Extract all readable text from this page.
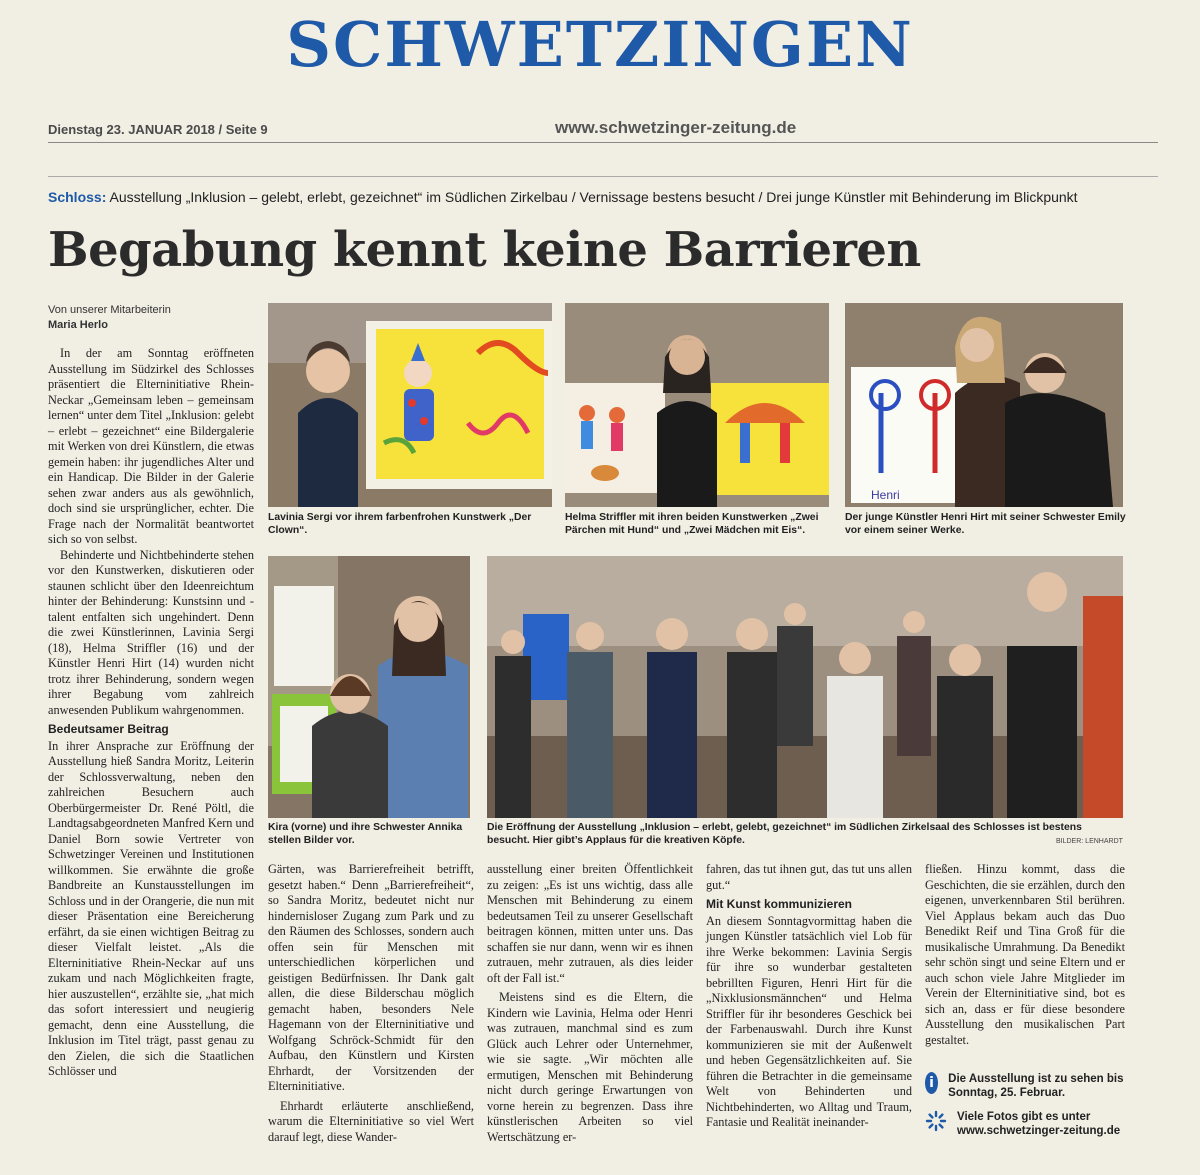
SCHWETZINGEN
Dienstag 23. JANUAR 2018 / Seite 9	www.schwetzinger-zeitung.de
Schloss: Ausstellung „Inklusion – gelebt, erlebt, gezeichnet“ im Südlichen Zirkelbau / Vernissage bestens besucht / Drei junge Künstler mit Behinderung im Blickpunkt
Begabung kennt keine Barrieren
Von unserer Mitarbeiterin
Maria Herlo
Lavinia Sergi vor ihrem farbenfrohen Kunstwerk „Der Clown“.
Helma Striffler mit ihren beiden Kunstwerken „Zwei Pärchen mit Hund“ und „Zwei Mädchen mit Eis“.
Henri
Der junge Künstler Henri Hirt mit seiner Schwester Emily vor einem seiner Werke.
Kira (vorne) und ihre Schwester Annika stellen Bilder vor.
Die Eröffnung der Ausstellung „Inklusion – erlebt, gelebt, gezeichnet“ im Südlichen Zirkelsaal des Schlosses ist bestens besucht. Hier gibt’s Applaus für die kreativen Köpfe.	BILDER: LENHARDT

In der am Sonntag eröffneten Ausstellung im Südzirkel des Schlosses präsentiert die Elterninitiative Rhein-Neckar „Gemeinsam leben – gemeinsam lernen“ unter dem Titel „Inklusion: gelebt – erlebt – gezeichnet“ eine Bildergalerie mit Werken von drei Künstlern, die etwas gemein haben: ihr jugendliches Alter und ein Handicap. Die Bilder in der Galerie sehen zwar anders aus als gewöhnlich, doch sind sie ursprünglicher, echter. Die Frage nach der Normalität beantwortet sich so von selbst.

Behinderte und Nichtbehinderte stehen vor den Kunstwerken, diskutieren oder staunen schlicht über den Ideenreichtum hinter der Behinderung: Kunstsinn und -talent entfalten sich ungehindert. Denn die zwei Künstlerinnen, Lavinia Sergi (18), Helma Striffler (16) und der Künstler Henri Hirt (14) wurden nicht trotz ihrer Behinderung, sondern wegen ihrer Begabung vom zahlreich anwesenden Publikum wahrgenommen.

Bedeutsamer Beitrag

In ihrer Ansprache zur Eröffnung der Ausstellung hieß Sandra Moritz, Leiterin der Schlossverwaltung, neben den zahlreichen Besuchern auch Oberbürgermeister Dr. René Pöltl, die Landtagsabgeordneten Manfred Kern und Daniel Born sowie Vertreter von Schwetzinger Vereinen und Institutionen willkommen. Sie erwähnte die große Bandbreite an Kunstausstellungen im Schloss und in der Orangerie, die nun mit dieser Präsentation eine Bereicherung erfährt, da sie einen wichtigen Beitrag zu dieser Vielfalt leistet. „Als die Elterninitiative Rhein-Neckar auf uns zukam und nach Möglichkeiten fragte, hier auszustellen“, erzählte sie, „hat mich das sofort interessiert und neugierig gemacht, denn eine Ausstellung, die Inklusion im Titel trägt, passt genau zu den Zielen, die sich die Staatlichen Schlösser und

Gärten, was Barrierefreiheit betrifft, gesetzt haben.“ Denn „Barrierefreiheit“, so Sandra Moritz, bedeutet nicht nur hindernisloser Zugang zum Park und zu den Räumen des Schlosses, sondern auch offen sein für Menschen mit unterschiedlichen körperlichen und geistigen Bedürfnissen. Ihr Dank galt allen, die diese Bilderschau möglich gemacht haben, besonders Nele Hagemann von der Elterninitiative und Wolfgang Schröck-Schmidt für den Aufbau, den Künstlern und Kirsten Ehrhardt, der Vorsitzenden der Elterninitiative.

Ehrhardt erläuterte anschließend, warum die Elterninitiative so viel Wert darauf legt, diese Wander-

ausstellung einer breiten Öffentlichkeit zu zeigen: „Es ist uns wichtig, dass alle Menschen mit Behinderung zu einem bedeutsamen Teil zu unserer Gesellschaft beitragen können, mitten unter uns. Das schaffen sie nur dann, wenn wir es ihnen zutrauen, mehr zutrauen, als dies leider oft der Fall ist.“

Meistens sind es die Eltern, die Kindern wie Lavinia, Helma oder Henri was zutrauen, manchmal sind es zum Glück auch Lehrer oder Unternehmer, wie sie sagte. „Wir möchten alle ermutigen, Menschen mit Behinderung nicht durch geringe Erwartungen von vorne herein zu begrenzen. Dass ihre künstlerischen Arbeiten so viel Wertschätzung er-

fahren, das tut ihnen gut, das tut uns allen gut.“

Mit Kunst kommunizieren

An diesem Sonntagvormittag haben die jungen Künstler tatsächlich viel Lob für ihre Werke bekommen: Lavinia Sergis für ihre so wunderbar gestalteten bebrillten Figuren, Henri Hirt für die „Nixklusionsmännchen“ und Helma Striffler für ihr besonderes Geschick bei der Farbenauswahl. Durch ihre Kunst kommunizieren sie mit der Außenwelt und heben Gegensätzlichkeiten auf. Sie führen die Betrachter in die gemeinsame Welt von Behinderten und Nichtbehinderten, wo Alltag und Traum, Fantasie und Realität ineinander-

fließen. Hinzu kommt, dass die Geschichten, die sie erzählen, durch den eigenen, unverkennbaren Stil berühren. Viel Applaus bekam auch das Duo Benedikt Reif und Tina Groß für die musikalische Umrahmung. Da Benedikt sehr schön singt und seine Eltern und er auch schon viele Jahre Mitglieder im Verein der Elterninitiative sind, bot es sich an, dass er für diese besondere Ausstellung den musikalischen Part gestaltet.

i	Die Ausstellung ist zu sehen bis Sonntag, 25. Februar.
Viele Fotos gibt es unter www.schwetzinger-zeitung.de
